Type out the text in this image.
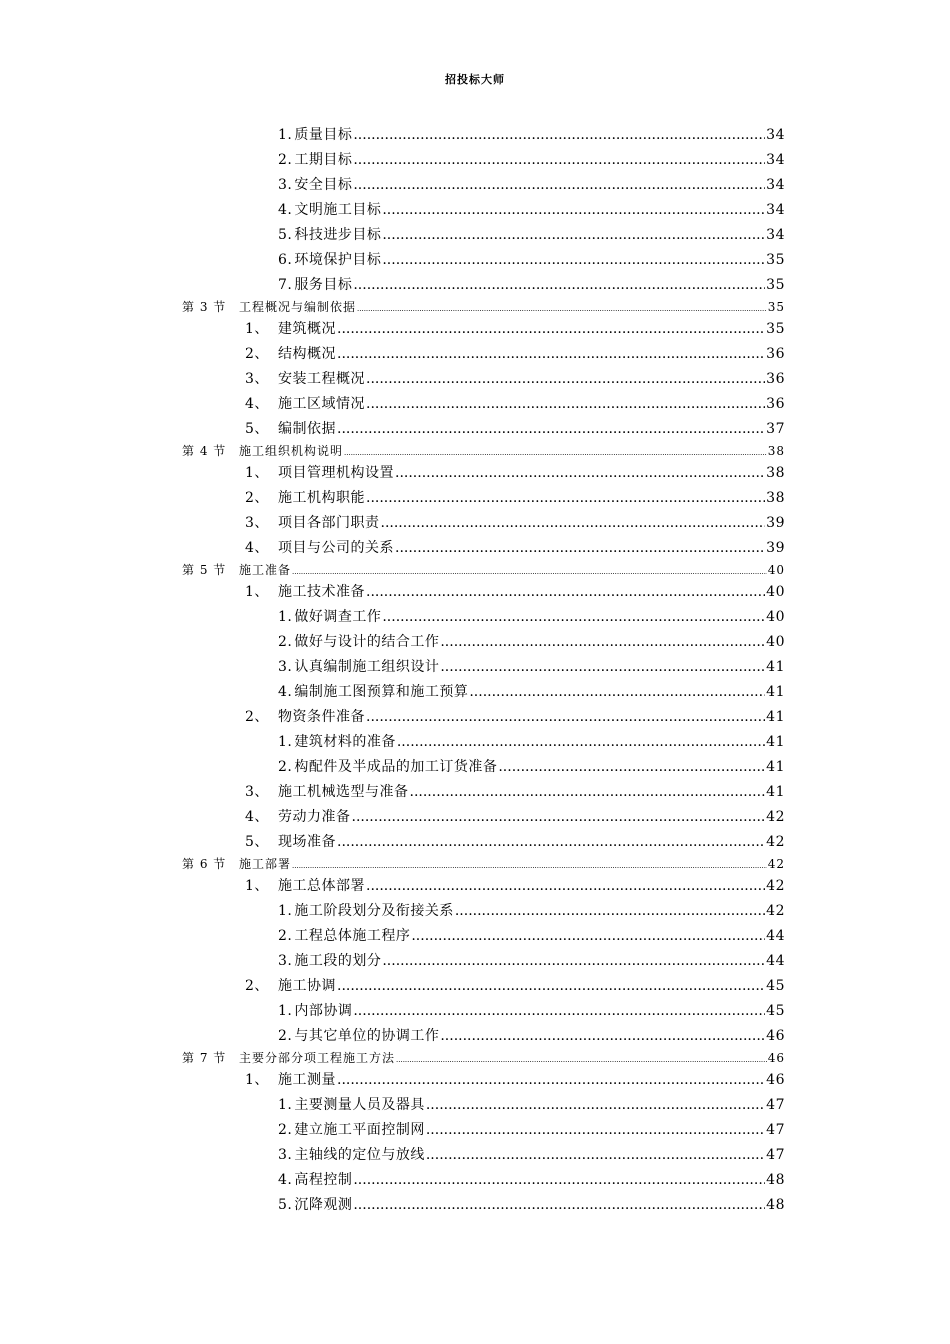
招投标大师
1. 质量目标 .....	34
2. 工期目标 .....	34
3. 安全目标 .....	34
4. 文明施工目标 .....	34
5. 科技进步目标 .....	34
6. 环境保护目标 .....	35
7. 服务目标 .....	35
第 3 节	工程概况与编制依据 .....	35
1、 建筑概况 .....	35
2、 结构概况 .....	36
3、 安装工程概况 .....	36
4、 施工区域情况 .....	36
5、 编制依据 .....	37
第 4 节	施工组织机构说明 .....	38
1、 项目管理机构设置 .....	38
2、 施工机构职能 .....	38
3、 项目各部门职责 .....	39
4、 项目与公司的关系 .....	39
第 5 节	施工准备 .....	40
1、 施工技术准备 .....	40
1. 做好调查工作 .....	40
2. 做好与设计的结合工作 .....	40
3. 认真编制施工组织设计 .....	41
4. 编制施工图预算和施工预算 .....	41
2、 物资条件准备 .....	41
1. 建筑材料的准备 .....	41
2. 构配件及半成品的加工订货准备 .....	41
3、 施工机械选型与准备 .....	41
4、 劳动力准备 .....	42
5、 现场准备 .....	42
第 6 节	施工部署 .....	42
1、 施工总体部署 .....	42
1. 施工阶段划分及衔接关系 .....	42
2. 工程总体施工程序 .....	44
3. 施工段的划分 .....	44
2、 施工协调 .....	45
1. 内部协调 .....	45
2. 与其它单位的协调工作 .....	46
第 7 节	主要分部分项工程施工方法 .....	46
1、 施工测量 .....	46
1. 主要测量人员及器具 .....	47
2. 建立施工平面控制网 .....	47
3. 主轴线的定位与放线 .....	47
4. 高程控制 .....	48
5. 沉降观测 .....	48
